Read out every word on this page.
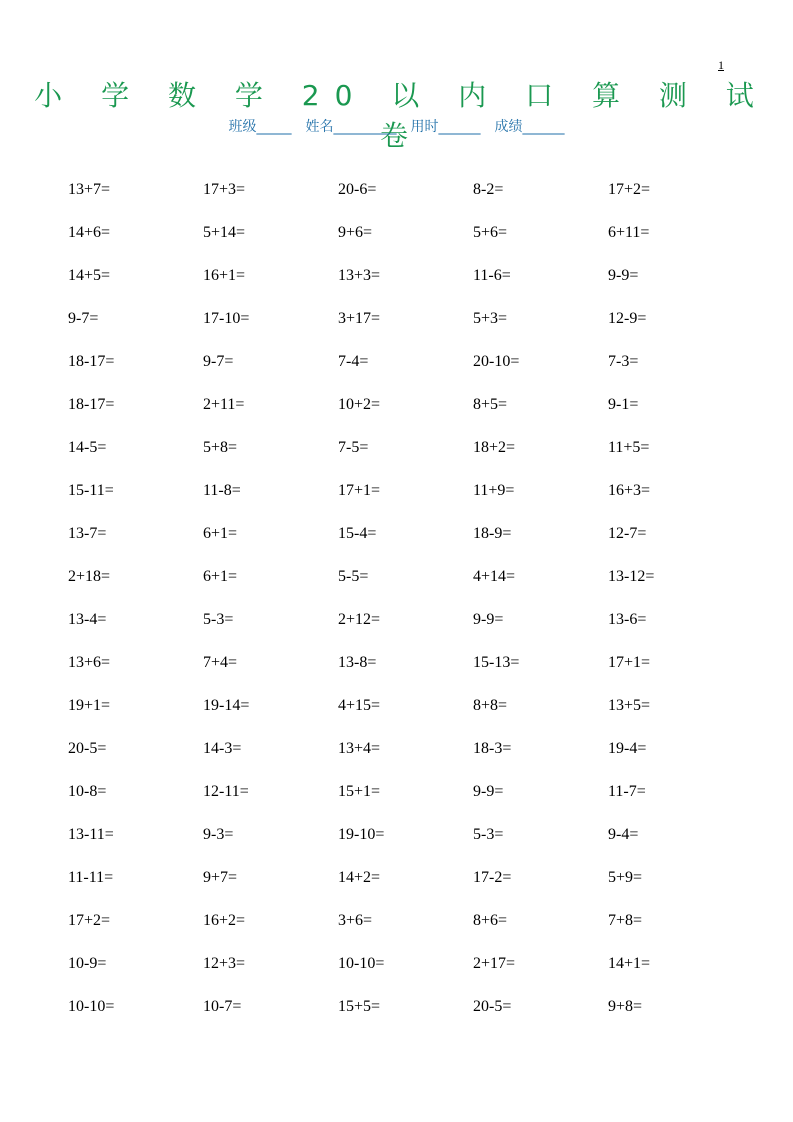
1
小 学 数 学 20 以 内 口 算 测 试 卷
班级_____ 姓名_________ 用时______ 成绩______
13+7=	17+3=	20-6=	8-2=	17+2=
14+6=	5+14=	9+6=	5+6=	6+11=
14+5=	16+1=	13+3=	11-6=	9-9=
9-7=	17-10=	3+17=	5+3=	12-9=
18-17=	9-7=	7-4=	20-10=	7-3=
18-17=	2+11=	10+2=	8+5=	9-1=
14-5=	5+8=	7-5=	18+2=	11+5=
15-11=	11-8=	17+1=	11+9=	16+3=
13-7=	6+1=	15-4=	18-9=	12-7=
2+18=	6+1=	5-5=	4+14=	13-12=
13-4=	5-3=	2+12=	9-9=	13-6=
13+6=	7+4=	13-8=	15-13=	17+1=
19+1=	19-14=	4+15=	8+8=	13+5=
20-5=	14-3=	13+4=	18-3=	19-4=
10-8=	12-11=	15+1=	9-9=	11-7=
13-11=	9-3=	19-10=	5-3=	9-4=
11-11=	9+7=	14+2=	17-2=	5+9=
17+2=	16+2=	3+6=	8+6=	7+8=
10-9=	12+3=	10-10=	2+17=	14+1=
10-10=	10-7=	15+5=	20-5=	9+8=
